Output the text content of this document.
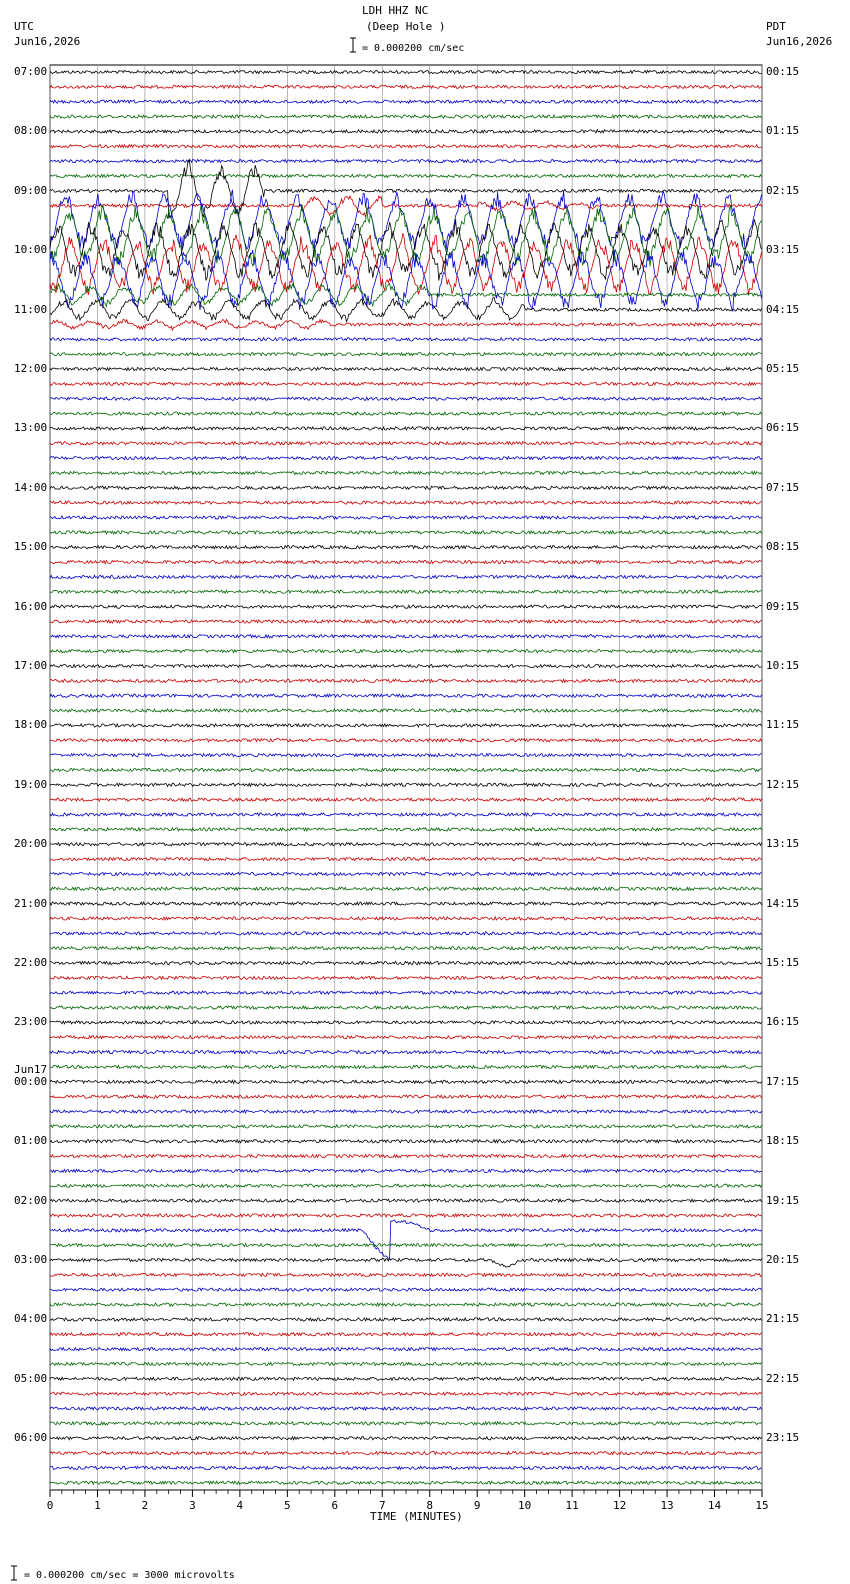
0	1	2	3	4	5	6	7	8	9	10	11	12	13	14	15
LDH HHZ NC
(Deep Hole )
= 0.000200 cm/sec
UTC
Jun16,2026
PDT
Jun16,2026
07:00
08:00
09:00
10:00
11:00
12:00
13:00
14:00
15:00
16:00
17:00
18:00
19:00
20:00
21:00
22:00
23:00
00:00
01:00
02:00
03:00
04:00
05:00
06:00
00:15
01:15
02:15
03:15
04:15
05:15
06:15
07:15
08:15
09:15
10:15
11:15
12:15
13:15
14:15
15:15
16:15
17:15
18:15
19:15
20:15
21:15
22:15
23:15
Jun17
TIME (MINUTES)
= 0.000200 cm/sec = 3000 microvolts
